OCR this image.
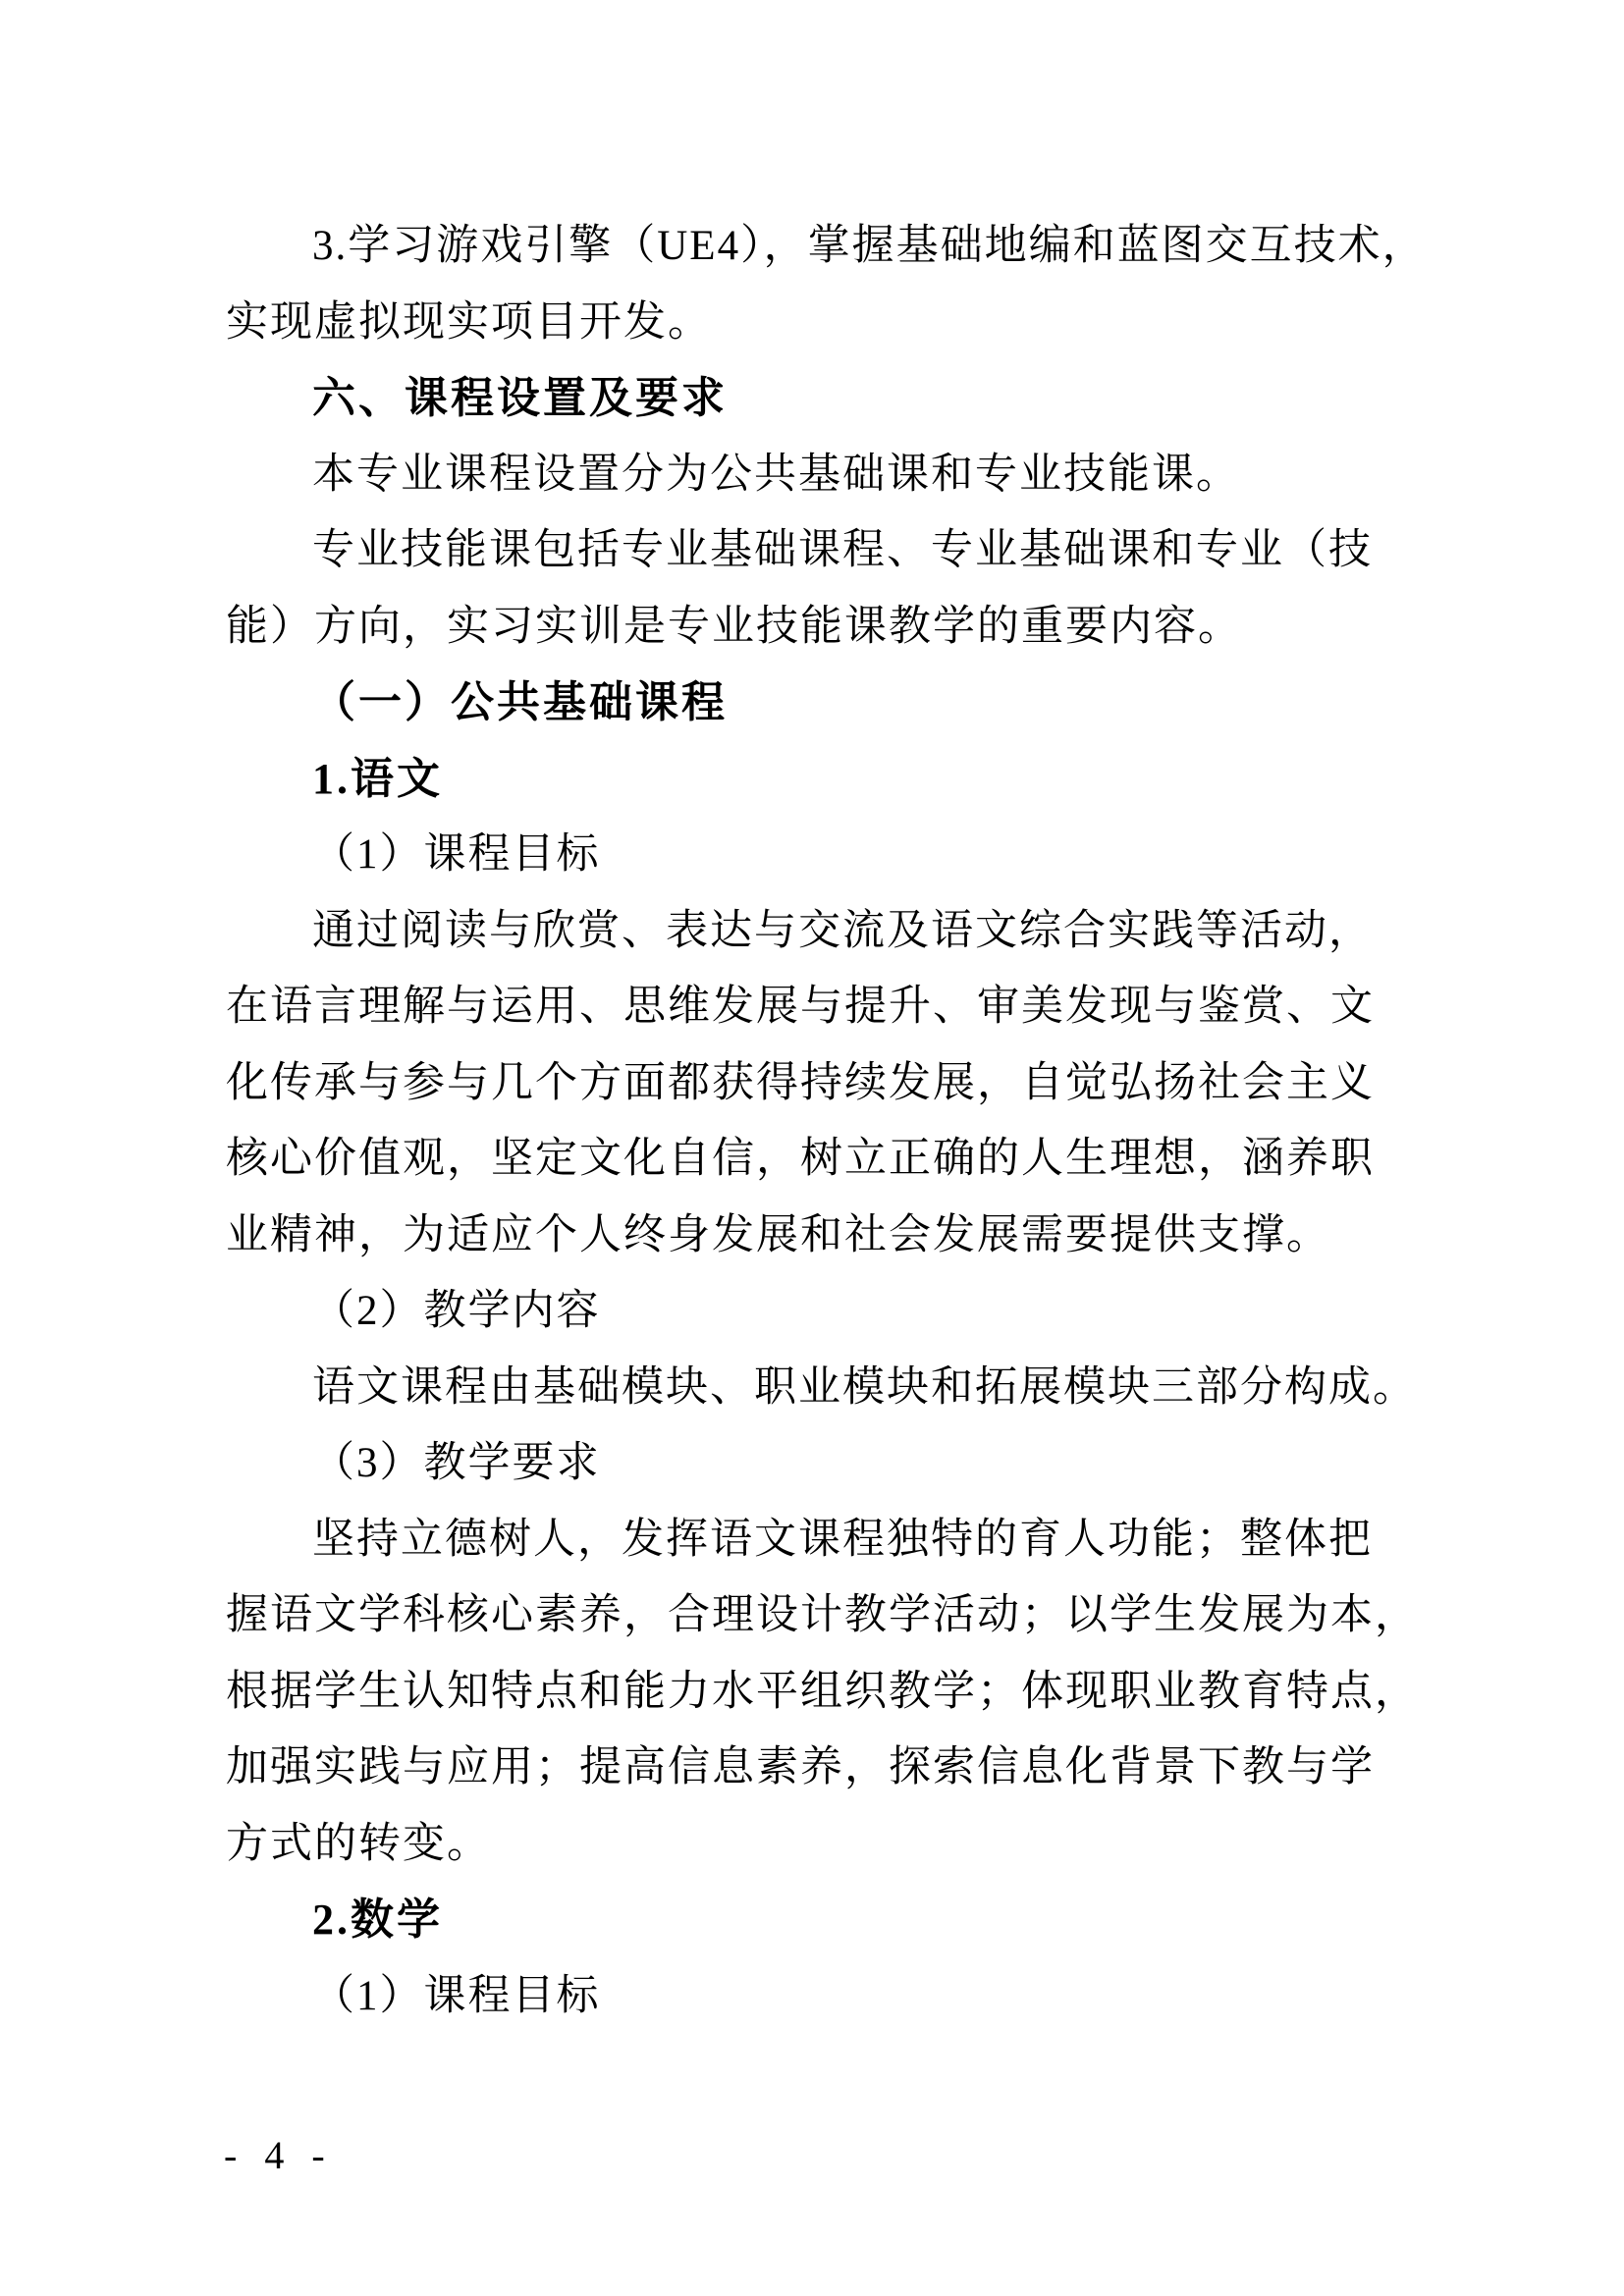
3.学习游戏引擎（UE4），掌握基础地编和蓝图交互技术，
实现虚拟现实项目开发。
六、课程设置及要求
本专业课程设置分为公共基础课和专业技能课。
专业技能课包括专业基础课程、专业基础课和专业（技
能）方向，实习实训是专业技能课教学的重要内容。
（一）公共基础课程
1.语文
（1）课程目标
通过阅读与欣赏、表达与交流及语文综合实践等活动，
在语言理解与运用、思维发展与提升、审美发现与鉴赏、文
化传承与参与几个方面都获得持续发展，自觉弘扬社会主义
核心价值观，坚定文化自信，树立正确的人生理想，涵养职
业精神，为适应个人终身发展和社会发展需要提供支撑。
（2）教学内容
语文课程由基础模块、职业模块和拓展模块三部分构成。
（3）教学要求
坚持立德树人，发挥语文课程独特的育人功能；整体把
握语文学科核心素养，合理设计教学活动；以学生发展为本，
根据学生认知特点和能力水平组织教学；体现职业教育特点，
加强实践与应用；提高信息素养，探索信息化背景下教与学
方式的转变。
2.数学
（1）课程目标
- 4 -
